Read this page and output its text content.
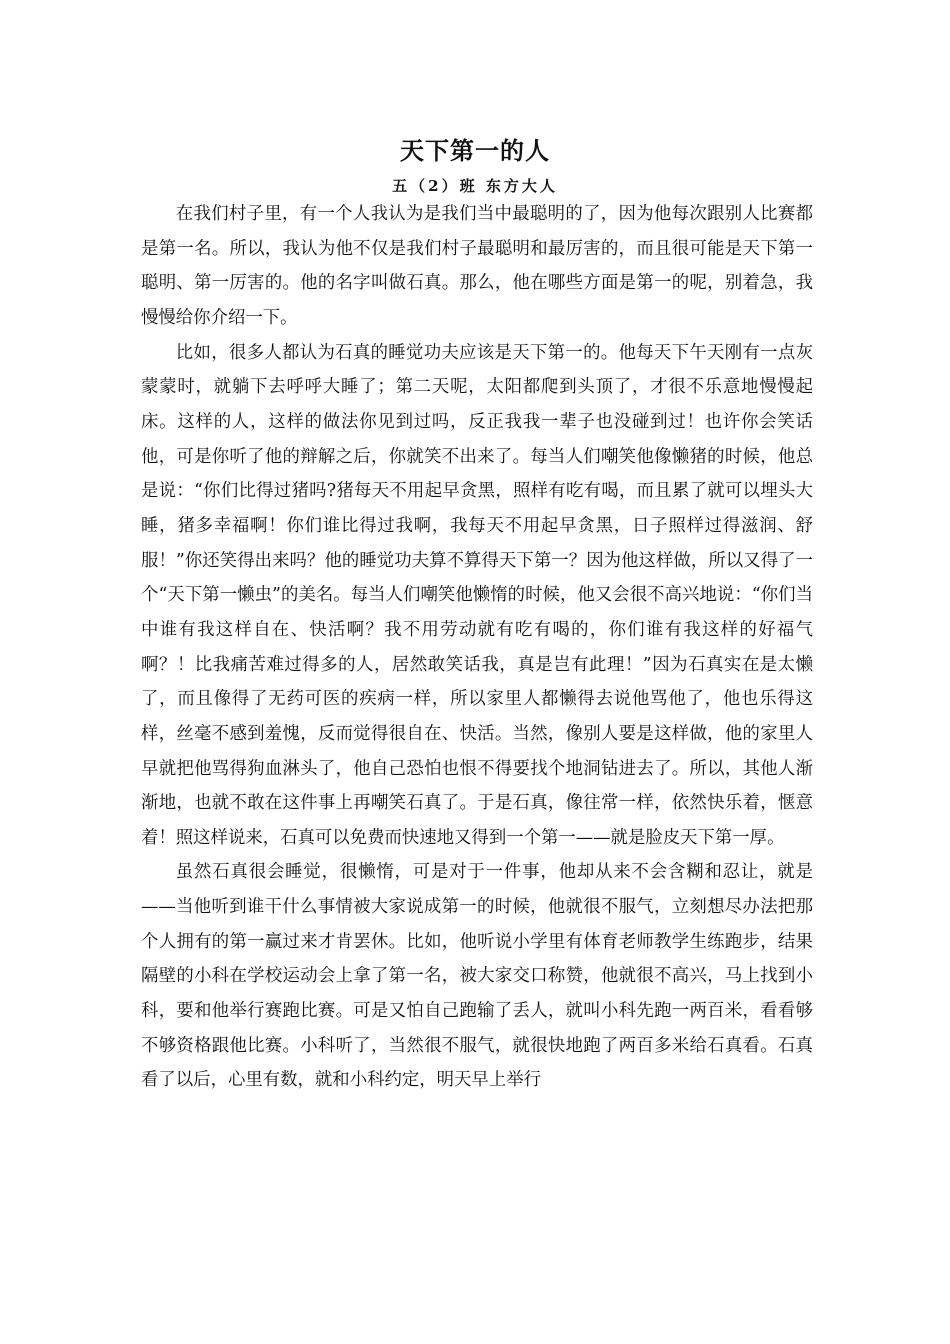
天下第一的人
五（2）班 东方大人

在我们村子里，有一个人我认为是我们当中最聪明的了，因为他每次跟别人比赛都是第一名。所以，我认为他不仅是我们村子最聪明和最厉害的，而且很可能是天下第一聪明、第一厉害的。他的名字叫做石真。那么，他在哪些方面是第一的呢，别着急，我慢慢给你介绍一下。

比如，很多人都认为石真的睡觉功夫应该是天下第一的。他每天下午天刚有一点灰蒙蒙时，就躺下去呼呼大睡了；第二天呢，太阳都爬到头顶了，才很不乐意地慢慢起床。这样的人，这样的做法你见到过吗，反正我我一辈子也没碰到过！也许你会笑话他，可是你听了他的辩解之后，你就笑不出来了。每当人们嘲笑他像懒猪的时候，他总是说：“你们比得过猪吗?猪每天不用起早贪黑，照样有吃有喝，而且累了就可以埋头大睡，猪多幸福啊！你们谁比得过我啊，我每天不用起早贪黑，日子照样过得滋润、舒服！”你还笑得出来吗？他的睡觉功夫算不算得天下第一？因为他这样做，所以又得了一个“天下第一懒虫”的美名。每当人们嘲笑他懒惰的时候，他又会很不高兴地说：“你们当中谁有我这样自在、快活啊？我不用劳动就有吃有喝的，你们谁有我这样的好福气啊？！比我痛苦难过得多的人，居然敢笑话我，真是岂有此理！”因为石真实在是太懒了，而且像得了无药可医的疾病一样，所以家里人都懒得去说他骂他了，他也乐得这样，丝毫不感到羞愧，反而觉得很自在、快活。当然，像别人要是这样做，他的家里人早就把他骂得狗血淋头了，他自己恐怕也恨不得要找个地洞钻进去了。所以，其他人渐渐地，也就不敢在这件事上再嘲笑石真了。于是石真，像往常一样，依然快乐着，惬意着！照这样说来，石真可以免费而快速地又得到一个第一——就是脸皮天下第一厚。

虽然石真很会睡觉，很懒惰，可是对于一件事，他却从来不会含糊和忍让，就是——当他听到谁干什么事情被大家说成第一的时候，他就很不服气，立刻想尽办法把那个人拥有的第一赢过来才肯罢休。比如，他听说小学里有体育老师教学生练跑步，结果隔壁的小科在学校运动会上拿了第一名，被大家交口称赞，他就很不高兴，马上找到小科，要和他举行赛跑比赛。可是又怕自己跑输了丢人，就叫小科先跑一两百米，看看够不够资格跟他比赛。小科听了，当然很不服气，就很快地跑了两百多米给石真看。石真看了以后，心里有数，就和小科约定，明天早上举行
